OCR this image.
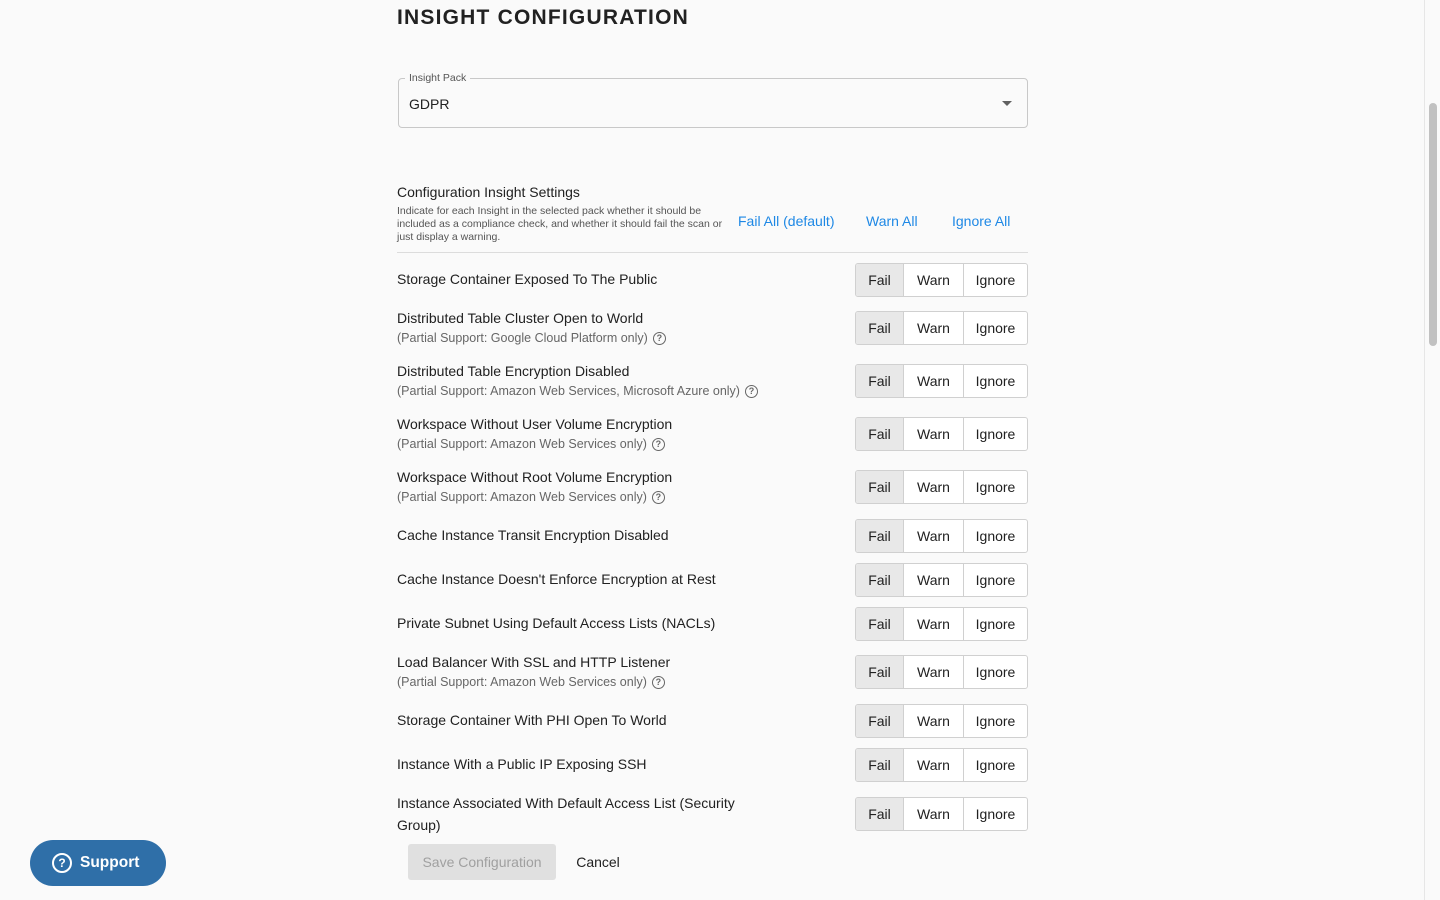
INSIGHT CONFIGURATION
Insight Pack
GDPR
Configuration Insight Settings
Indicate for each Insight in the selected pack whether it should be included as a compliance check, and whether it should fail the scan or just display a warning.
Fail All (default) Warn All Ignore All
Storage Container Exposed To The Public	Fail	Warn	Ignore
Distributed Table Cluster Open to World
(Partial Support: Google Cloud Platform only) ?
Fail	Warn	Ignore
Distributed Table Encryption Disabled
(Partial Support: Amazon Web Services, Microsoft Azure only) ?
Fail	Warn	Ignore
Workspace Without User Volume Encryption
(Partial Support: Amazon Web Services only) ?
Fail	Warn	Ignore
Workspace Without Root Volume Encryption
(Partial Support: Amazon Web Services only) ?
Fail	Warn	Ignore
Cache Instance Transit Encryption Disabled	Fail	Warn	Ignore
Cache Instance Doesn't Enforce Encryption at Rest	Fail	Warn	Ignore
Private Subnet Using Default Access Lists (NACLs)	Fail	Warn	Ignore
Load Balancer With SSL and HTTP Listener
(Partial Support: Amazon Web Services only) ?
Fail	Warn	Ignore
Storage Container With PHI Open To World	Fail	Warn	Ignore
Instance With a Public IP Exposing SSH	Fail	Warn	Ignore
Instance Associated With Default Access List (Security Group)
Fail	Warn	Ignore
Save Configuration	Cancel
? Support
